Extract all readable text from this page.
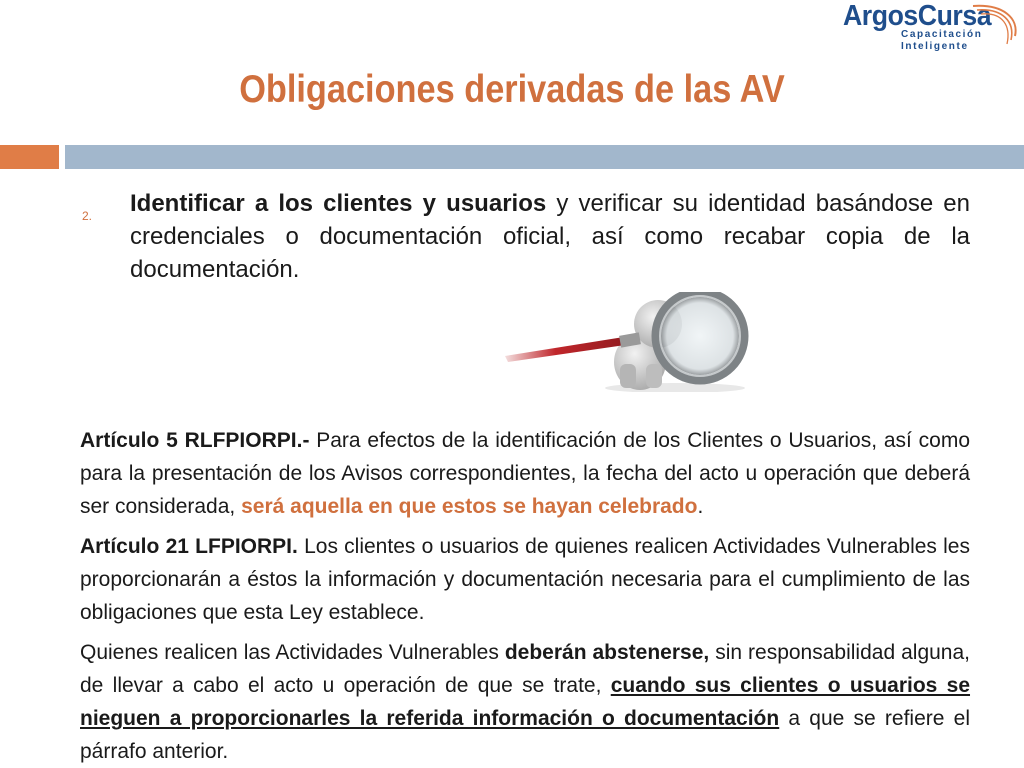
ArgosCursa
Capacitación
Inteligente
Obligaciones derivadas de las AV
2. Identificar a los clientes y usuarios y verificar su identidad basándose en credenciales o documentación oficial, así como recabar copia de la documentación.
Artículo 5 RLFPIORPI.- Para efectos de la identificación de los Clientes o Usuarios, así como para la presentación de los Avisos correspondientes, la fecha del acto u operación que deberá ser considerada, será aquella en que estos se hayan celebrado.
Artículo 21 LFPIORPI. Los clientes o usuarios de quienes realicen Actividades Vulnerables les proporcionarán a éstos la información y documentación necesaria para el cumplimiento de las obligaciones que esta Ley establece.
Quienes realicen las Actividades Vulnerables deberán abstenerse, sin responsabilidad alguna, de llevar a cabo el acto u operación de que se trate, cuando sus clientes o usuarios se nieguen a proporcionarles la referida información o documentación a que se refiere el párrafo anterior.
